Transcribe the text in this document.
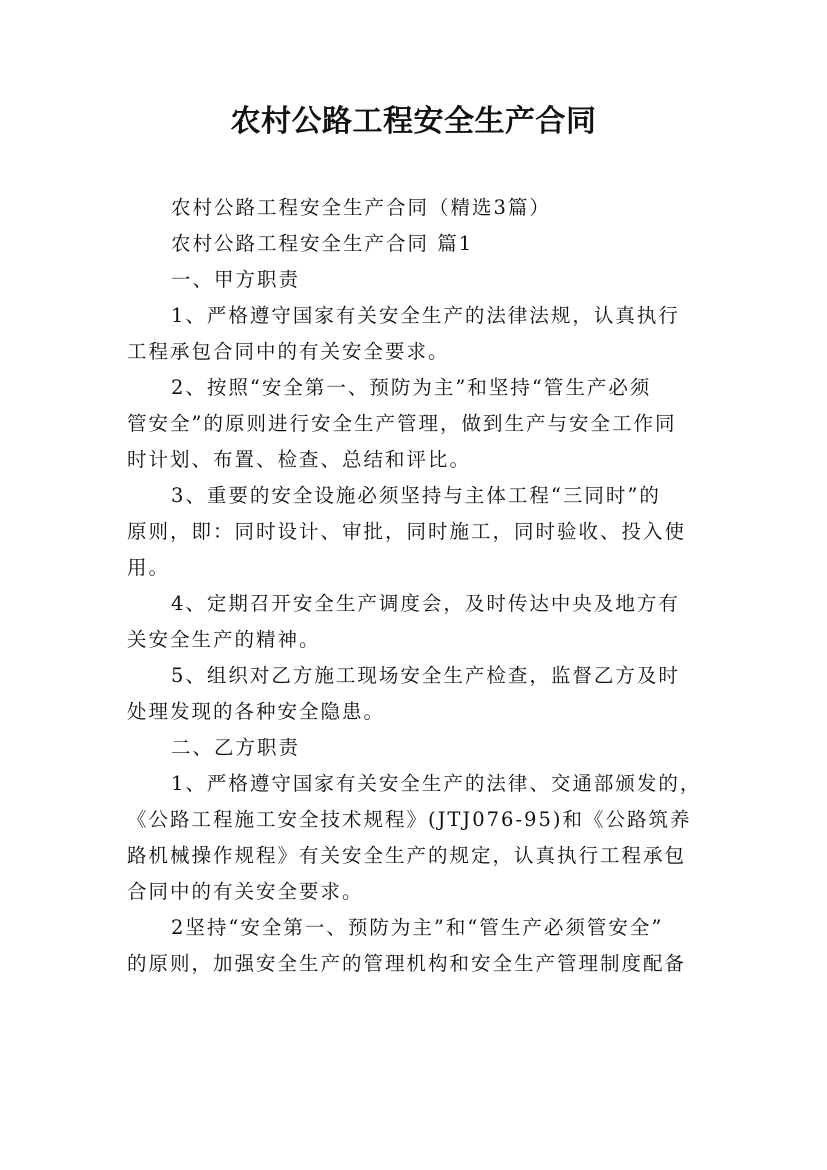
农村公路工程安全生产合同
农村公路工程安全生产合同（精选3篇）
农村公路工程安全生产合同 篇1
一、甲方职责
1、严格遵守国家有关安全生产的法律法规，认真执行
工程承包合同中的有关安全要求。
2、按照“安全第一、预防为主”和坚持“管生产必须
管安全”的原则进行安全生产管理，做到生产与安全工作同
时计划、布置、检查、总结和评比。
3、重要的安全设施必须坚持与主体工程“三同时”的
原则，即：同时设计、审批，同时施工，同时验收、投入使
用。
4、定期召开安全生产调度会，及时传达中央及地方有
关安全生产的精神。
5、组织对乙方施工现场安全生产检查，监督乙方及时
处理发现的各种安全隐患。
二、乙方职责
1、严格遵守国家有关安全生产的法律、交通部颁发的，
《公路工程施工安全技术规程》(JTJ076-95)和《公路筑养
路机械操作规程》有关安全生产的规定，认真执行工程承包
合同中的有关安全要求。
2坚持“安全第一、预防为主”和“管生产必须管安全”
的原则，加强安全生产的管理机构和安全生产管理制度配备
